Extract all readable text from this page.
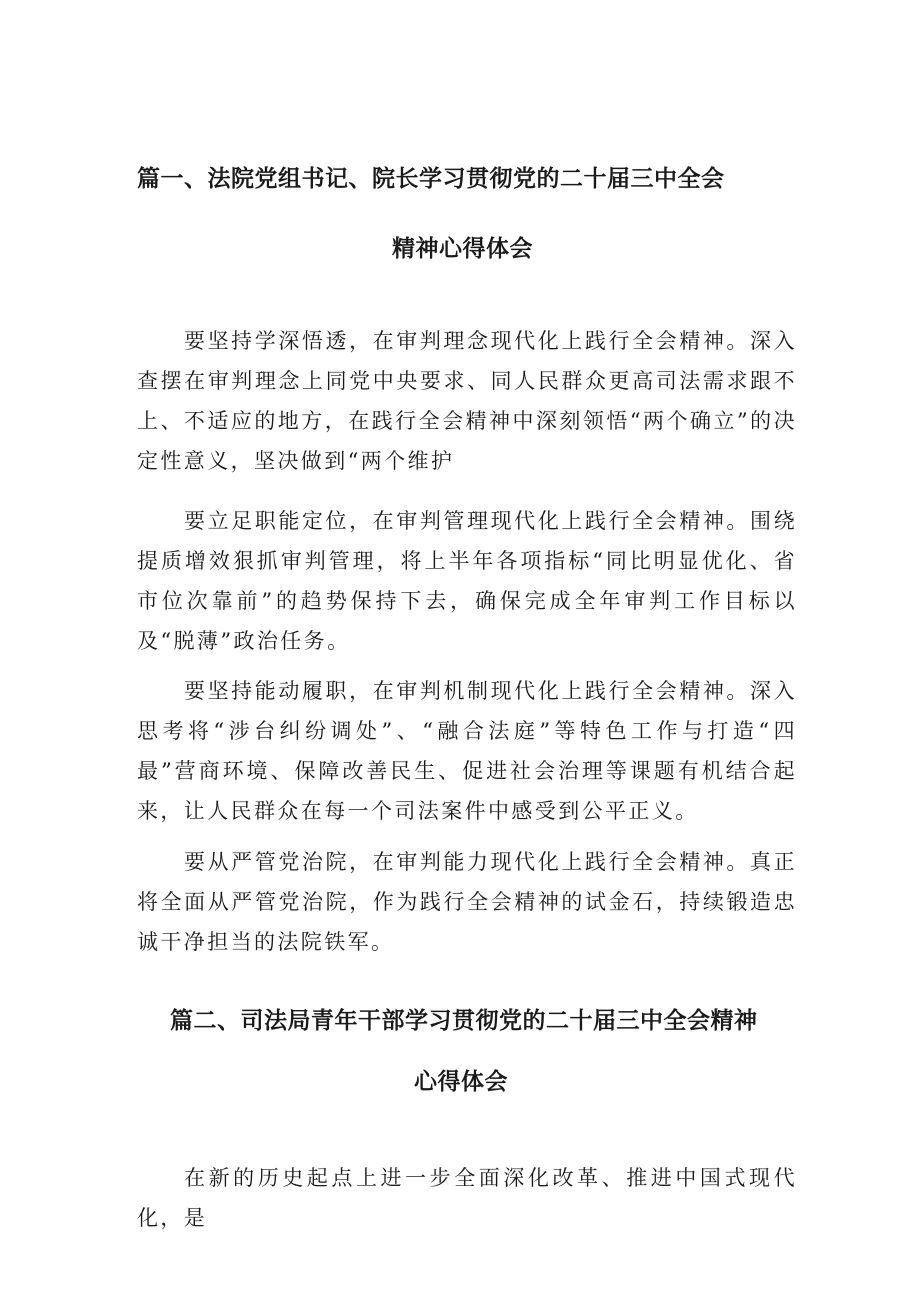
篇一、法院党组书记、院长学习贯彻党的二十届三中全会
精神心得体会

要坚持学深悟透，在审判理念现代化上践行全会精神。深入查摆在审判理念上同党中央要求、同人民群众更高司法需求跟不上、不适应的地方，在践行全会精神中深刻领悟“两个确立”的决定性意义，坚决做到“两个维护

要立足职能定位，在审判管理现代化上践行全会精神。围绕提质增效狠抓审判管理，将上半年各项指标“同比明显优化、省市位次靠前”的趋势保持下去，确保完成全年审判工作目标以及“脱薄”政治任务。

要坚持能动履职，在审判机制现代化上践行全会精神。深入思考将“涉台纠纷调处”、“融合法庭”等特色工作与打造“四最”营商环境、保障改善民生、促进社会治理等课题有机结合起来，让人民群众在每一个司法案件中感受到公平正义。

要从严管党治院，在审判能力现代化上践行全会精神。真正将全面从严管党治院，作为践行全会精神的试金石，持续锻造忠诚干净担当的法院铁军。

篇二、司法局青年干部学习贯彻党的二十届三中全会精神
心得体会

在新的历史起点上进一步全面深化改革、推进中国式现代化，是
